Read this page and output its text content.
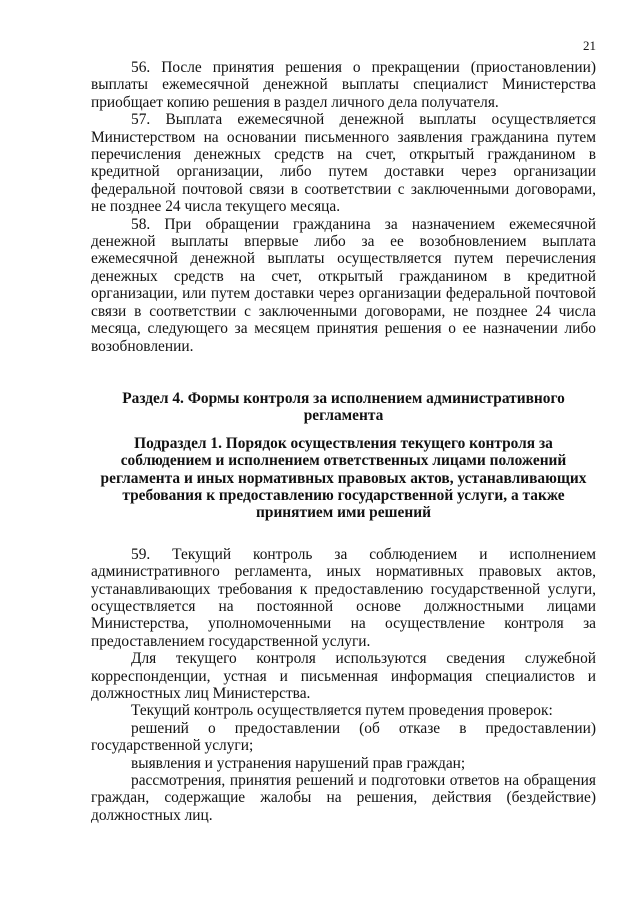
21

56. После принятия решения о прекращении (приостановлении) выплаты ежемесячной денежной выплаты специалист Министерства приобщает копию решения в раздел личного дела получателя.

57. Выплата ежемесячной денежной выплаты осуществляется Министерством на основании письменного заявления гражданина путем перечисления денежных средств на счет, открытый гражданином в кредитной организации, либо путем доставки через организации федеральной почтовой связи в соответствии с заключенными договорами, не позднее 24 числа текущего месяца.

58. При обращении гражданина за назначением ежемесячной денежной выплаты впервые либо за ее возобновлением выплата ежемесячной денежной выплаты осуществляется путем перечисления денежных средств на счет, открытый гражданином в кредитной организации, или путем доставки через организации федеральной почтовой связи в соответствии с заключенными договорами, не позднее 24 числа месяца, следующего за месяцем принятия решения о ее назначении либо возобновлении.

Раздел 4. Формы контроля за исполнением административного регламента
Подраздел 1. Порядок осуществления текущего контроля за соблюдением и исполнением ответственных лицами положений регламента и иных нормативных правовых актов, устанавливающих требования к предоставлению государственной услуги, а также принятием ими решений

59. Текущий контроль за соблюдением и исполнением административного регламента, иных нормативных правовых актов, устанавливающих требования к предоставлению государственной услуги, осуществляется на постоянной основе должностными лицами Министерства, уполномоченными на осуществление контроля за предоставлением государственной услуги.

Для текущего контроля используются сведения служебной корреспонденции, устная и письменная информация специалистов и должностных лиц Министерства.

Текущий контроль осуществляется путем проведения проверок:

решений о предоставлении (об отказе в предоставлении) государственной услуги;

выявления и устранения нарушений прав граждан;

рассмотрения, принятия решений и подготовки ответов на обращения граждан, содержащие жалобы на решения, действия (бездействие) должностных лиц.
